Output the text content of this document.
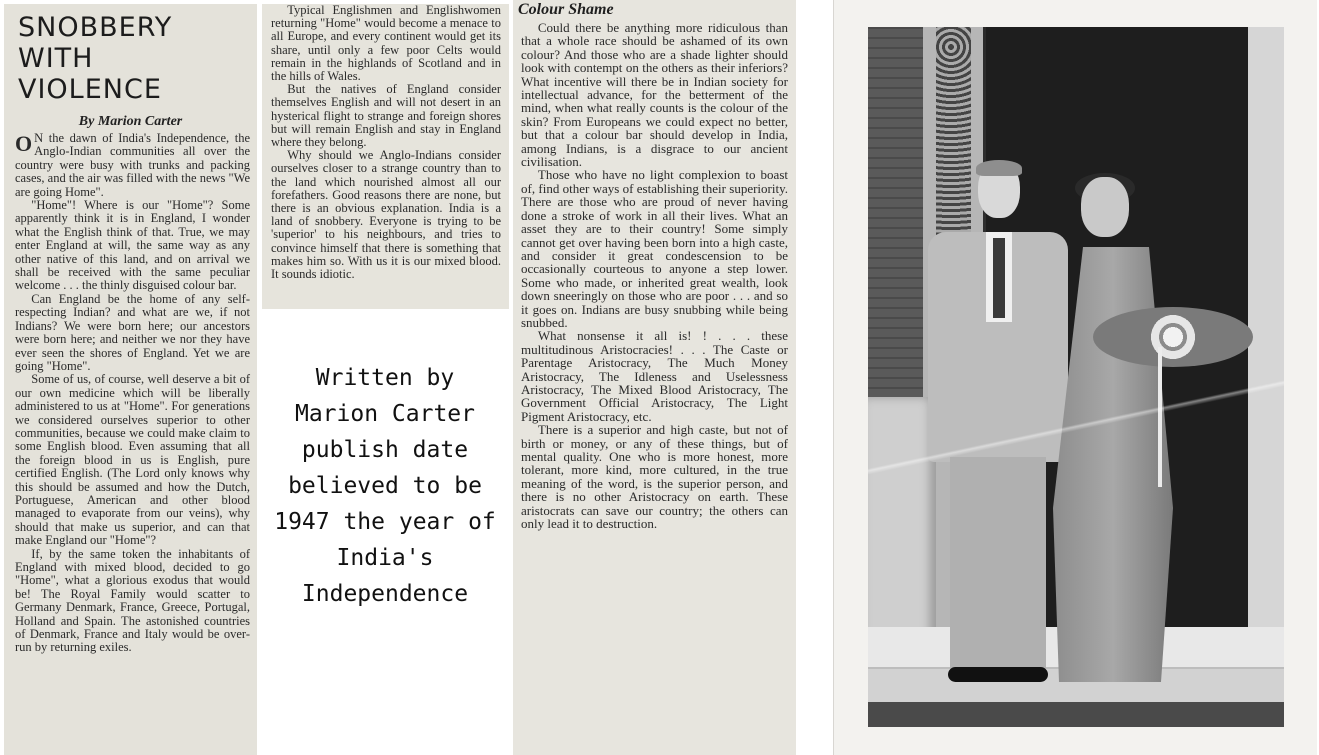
SNOBBERY
WITH
VIOLENCE
By Marion Carter

O N the dawn of India's Independence, the Anglo-Indian communities all over the country were busy with trunks and packing cases, and the air was filled with the news "We are going Home".

"Home"! Where is our "Home"? Some apparently think it is in England, I wonder what the English think of that. True, we may enter England at will, the same way as any other native of this land, and on arrival we shall be received with the same peculiar welcome . . . the thinly disguised colour bar.

Can England be the home of any self-respecting Indian? and what are we, if not Indians? We were born here; our ancestors were born here; and neither we nor they have ever seen the shores of England. Yet we are going "Home".

Some of us, of course, well deserve a bit of our own medicine which will be liberally administered to us at "Home". For generations we considered ourselves superior to other communities, because we could make claim to some English blood. Even assuming that all the foreign blood in us is English, pure certified English. (The Lord only knows why this should be assumed and how the Dutch, Portuguese, American and other blood managed to evaporate from our veins), why should that make us superior, and can that make England our "Home"?

If, by the same token the inhabitants of England with mixed blood, decided to go "Home", what a glorious exodus that would be! The Royal Family would scatter to Germany Denmark, France, Greece, Portugal, Holland and Spain. The astonished countries of Denmark, France and Italy would be over-run by returning exiles.

Typical Englishmen and Englishwomen returning "Home" would become a menace to all Europe, and every continent would get its share, until only a few poor Celts would remain in the highlands of Scotland and in the hills of Wales.

But the natives of England consider themselves English and will not desert in an hysterical flight to strange and foreign shores but will remain English and stay in England where they belong.

Why should we Anglo-Indians consider ourselves closer to a strange country than to the land which nourished almost all our forefathers. Good reasons there are none, but there is an obvious explanation. India is a land of snobbery. Everyone is trying to be 'superior' to his neighbours, and tries to convince himself that there is something that makes him so. With us it is our mixed blood. It sounds idiotic.

Written by
Marion Carter
publish date
believed to be
1947 the year of
India's
Independence
Colour Shame

Could there be anything more ridiculous than that a whole race should be ashamed of its own colour? And those who are a shade lighter should look with contempt on the others as their inferiors? What incentive will there be in Indian society for intellectual advance, for the betterment of the mind, when what really counts is the colour of the skin? From Europeans we could expect no better, but that a colour bar should develop in India, among Indians, is a disgrace to our ancient civilisation.

Those who have no light complexion to boast of, find other ways of establishing their superiority. There are those who are proud of never having done a stroke of work in all their lives. What an asset they are to their country! Some simply cannot get over having been born into a high caste, and consider it great condescension to be occasionally courteous to anyone a step lower. Some who made, or inherited great wealth, look down sneeringly on those who are poor . . . and so it goes on. Indians are busy snubbing while being snubbed.

What nonsense it all is! ! . . . these multitudinous Aristocracies! . . . The Caste or Parentage Aristocracy, The Much Money Aristocracy, The Idleness and Uselessness Aristocracy, The Mixed Blood Aristocracy, The Government Official Aristocracy, The Light Pigment Aristocracy, etc.

There is a superior and high caste, but not of birth or money, or any of these things, but of mental quality. One who is more honest, more tolerant, more kind, more cultured, in the true meaning of the word, is the superior person, and there is no other Aristocracy on earth. These aristocrats can save our country; the others can only lead it to destruction.
